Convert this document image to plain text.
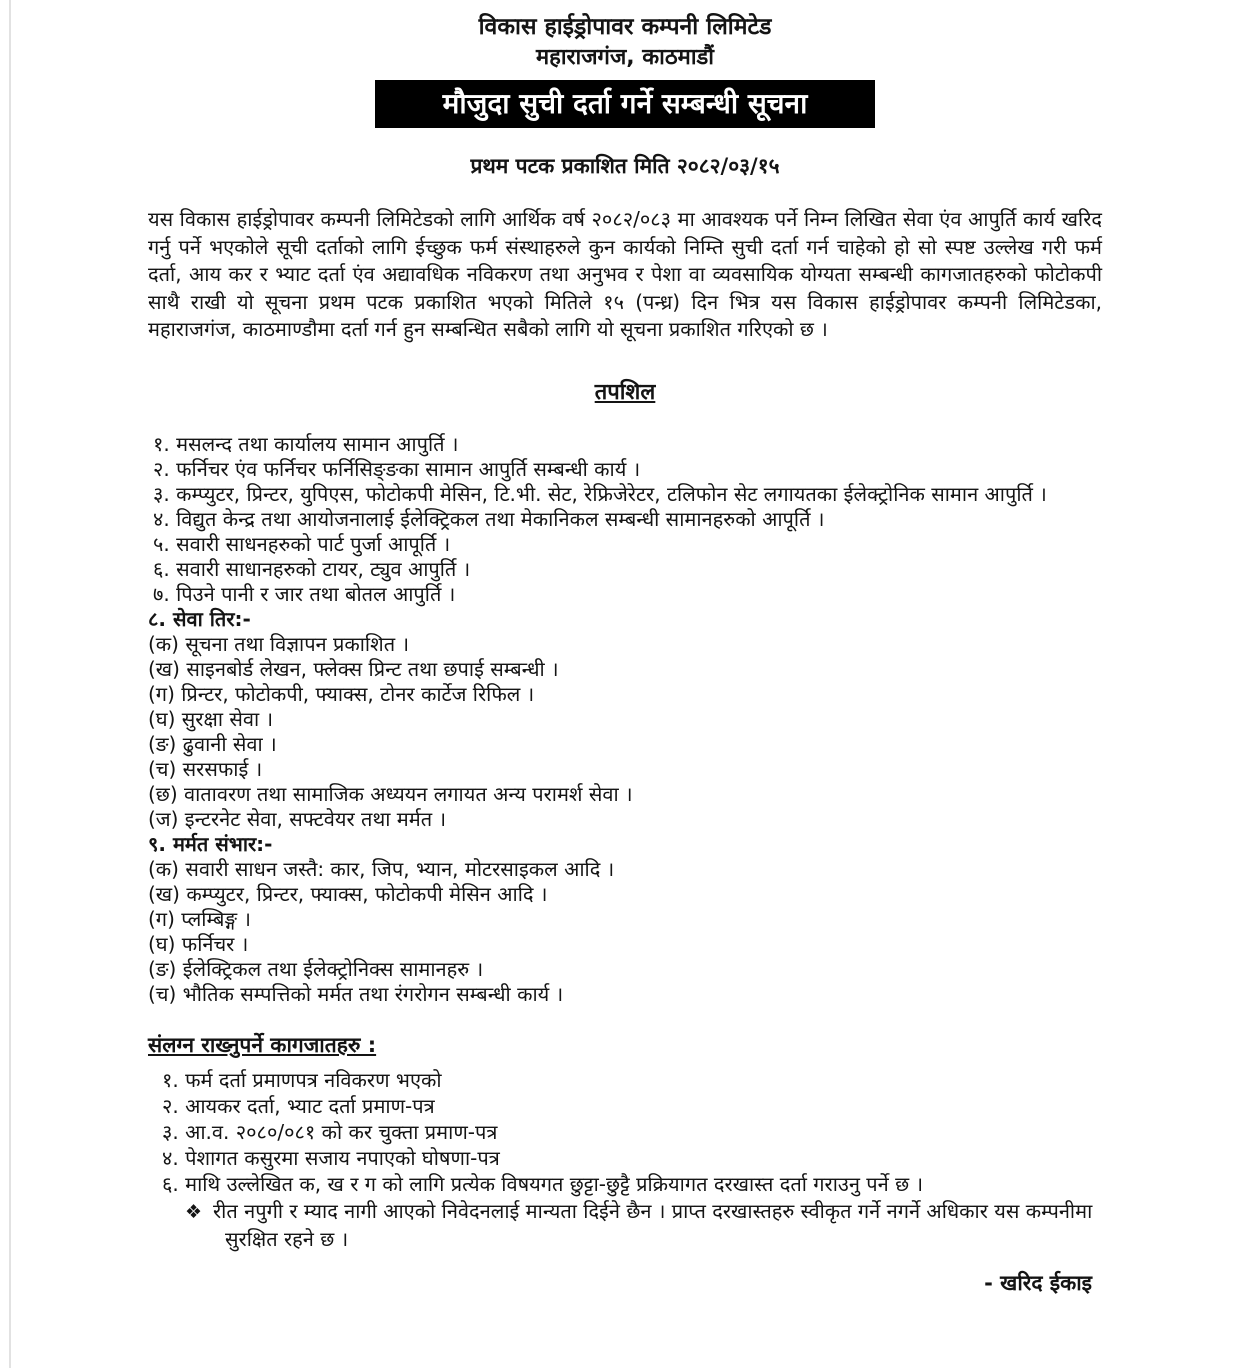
विकास हाईड्रोपावर कम्पनी लिमिटेड
महाराजगंज, काठमाडौं
मौजुदा सुची दर्ता गर्ने सम्बन्धी सूचना
प्रथम पटक प्रकाशित मिति २०८२/०३/१५
यस विकास हाईड्रोपावर कम्पनी लिमिटेडको लागि आर्थिक वर्ष २०८२/०८३ मा आवश्यक पर्ने निम्न लिखित सेवा एंव आपुर्ति कार्य खरिद गर्नु पर्ने भएकोले सूची दर्ताको लागि ईच्छुक फर्म संस्थाहरुले कुन कार्यको निम्ति सुची दर्ता गर्न चाहेको हो सो स्पष्ट उल्लेख गरी फर्म दर्ता, आय कर र भ्याट दर्ता एंव अद्यावधिक नविकरण तथा अनुभव र पेशा वा व्यवसायिक योग्यता सम्बन्धी कागजातहरुको फोटोकपी साथै राखी यो सूचना प्रथम पटक प्रकाशित भएको मितिले १५ (पन्ध्र) दिन भित्र यस विकास हाईड्रोपावर कम्पनी लिमिटेडका, महाराजगंज, काठमाण्डौमा दर्ता गर्न हुन सम्बन्धित सबैको लागि यो सूचना प्रकाशित गरिएको छ ।
तपशिल
१. मसलन्द तथा कार्यालय सामान आपुर्ति ।
२. फर्निचर एंव फर्निचर फर्निसिङ्ङका सामान आपुर्ति सम्बन्धी कार्य ।
३. कम्प्युटर, प्रिन्टर, युपिएस, फोटोकपी मेसिन, टि.भी. सेट, रेफ्रिजेरेटर, टलिफोन सेट लगायतका ईलेक्ट्रोनिक सामान आपुर्ति ।
४. विद्युत केन्द्र तथा आयोजनालाई ईलेक्ट्रिकल तथा मेकानिकल सम्बन्धी सामानहरुको आपूर्ति ।
५. सवारी साधनहरुको पार्ट पुर्जा आपूर्ति ।
६. सवारी साधानहरुको टायर, ट्युव आपुर्ति ।
७. पिउने पानी र जार तथा बोतल आपुर्ति ।
८. सेवा तिर:-
(क) सूचना तथा विज्ञापन प्रकाशित ।
(ख) साइनबोर्ड लेखन, फ्लेक्स प्रिन्ट तथा छपाई सम्बन्धी ।
(ग) प्रिन्टर, फोटोकपी, फ्याक्स, टोनर कार्टेज रिफिल ।
(घ) सुरक्षा सेवा ।
(ङ) ढुवानी सेवा ।
(च) सरसफाई ।
(छ) वातावरण तथा सामाजिक अध्ययन लगायत अन्य परामर्श सेवा ।
(ज) इन्टरनेट सेवा, सफ्टवेयर तथा मर्मत ।
९. मर्मत संभार:-
(क) सवारी साधन जस्तै: कार, जिप, भ्यान, मोटरसाइकल आदि ।
(ख) कम्प्युटर, प्रिन्टर, फ्याक्स, फोटोकपी मेसिन आदि ।
(ग) प्लम्बिङ्ग ।
(घ) फर्निचर ।
(ङ) ईलेक्ट्रिकल तथा ईलेक्ट्रोनिक्स सामानहरु ।
(च) भौतिक सम्पत्तिको मर्मत तथा रंगरोगन सम्बन्धी कार्य ।
संलग्न राख्नुपर्ने कागजातहरु :
१. फर्म दर्ता प्रमाणपत्र नविकरण भएको
२. आयकर दर्ता, भ्याट दर्ता प्रमाण-पत्र
३. आ.व. २०८०/०८१ को कर चुक्ता प्रमाण-पत्र
४. पेशागत कसुरमा सजाय नपाएको घोषणा-पत्र
६. माथि उल्लेखित क, ख र ग को लागि प्रत्येक विषयगत छुट्टा-छुट्टै प्रक्रियागत दरखास्त दर्ता गराउनु पर्ने छ ।
❖ रीत नपुगी र म्याद नागी आएको निवेदनलाई मान्यता दिईने छैन । प्राप्त दरखास्तहरु स्वीकृत गर्ने नगर्ने अधिकार यस कम्पनीमा सुरक्षित रहने छ ।
- खरिद ईकाइ
